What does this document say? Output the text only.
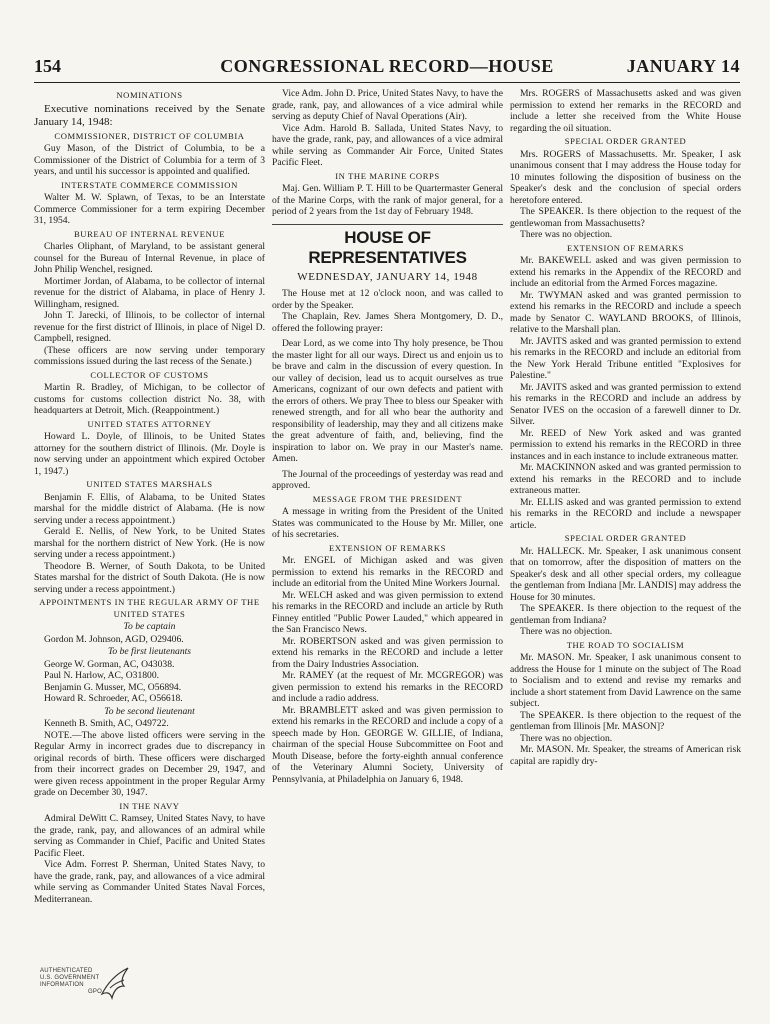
154	CONGRESSIONAL RECORD—HOUSE	JANUARY 14

NOMINATIONS

Executive nominations received by the Senate January 14, 1948:

COMMISSIONER, DISTRICT OF COLUMBIA

Guy Mason, of the District of Columbia, to be a Commissioner of the District of Columbia for a term of 3 years, and until his successor is appointed and qualified.

INTERSTATE COMMERCE COMMISSION

Walter M. W. Splawn, of Texas, to be an Interstate Commerce Commissioner for a term expiring December 31, 1954.

BUREAU OF INTERNAL REVENUE

Charles Oliphant, of Maryland, to be assistant general counsel for the Bureau of Internal Revenue, in place of John Philip Wenchel, resigned.

Mortimer Jordan, of Alabama, to be collector of internal revenue for the district of Alabama, in place of Henry J. Willingham, resigned.

John T. Jarecki, of Illinois, to be collector of internal revenue for the first district of Illinois, in place of Nigel D. Campbell, resigned.

(These officers are now serving under temporary commissions issued during the last recess of the Senate.)

COLLECTOR OF CUSTOMS

Martin R. Bradley, of Michigan, to be collector of customs for customs collection district No. 38, with headquarters at Detroit, Mich. (Reappointment.)

UNITED STATES ATTORNEY

Howard L. Doyle, of Illinois, to be United States attorney for the southern district of Illinois. (Mr. Doyle is now serving under an appointment which expired October 1, 1947.)

UNITED STATES MARSHALS

Benjamin F. Ellis, of Alabama, to be United States marshal for the middle district of Alabama. (He is now serving under a recess appointment.)

Gerald E. Nellis, of New York, to be United States marshal for the northern district of New York. (He is now serving under a recess appointment.)

Theodore B. Werner, of South Dakota, to be United States marshal for the district of South Dakota. (He is now serving under a recess appointment.)

APPOINTMENTS IN THE REGULAR ARMY OF THE UNITED STATES

To be captain

Gordon M. Johnson, AGD, O29406.

To be first lieutenants

George W. Gorman, AC, O43038.

Paul N. Harlow, AC, O31800.

Benjamin G. Musser, MC, O56894.

Howard R. Schroeder, AC, O56618.

To be second lieutenant

Kenneth B. Smith, AC, O49722.

NOTE.—The above listed officers were serving in the Regular Army in incorrect grades due to discrepancy in original records of birth. These officers were discharged from their incorrect grades on December 29, 1947, and were given recess appointment in the proper Regular Army grade on December 30, 1947.

IN THE NAVY

Admiral DeWitt C. Ramsey, United States Navy, to have the grade, rank, pay, and allowances of an admiral while serving as Commander in Chief, Pacific and United States Pacific Fleet.

Vice Adm. Forrest P. Sherman, United States Navy, to have the grade, rank, pay, and allowances of a vice admiral while serving as Commander United States Naval Forces, Mediterranean.

Vice Adm. John D. Price, United States Navy, to have the grade, rank, pay, and allowances of a vice admiral while serving as deputy Chief of Naval Operations (Air).

Vice Adm. Harold B. Sallada, United States Navy, to have the grade, rank, pay, and allowances of a vice admiral while serving as Commander Air Force, United States Pacific Fleet.

IN THE MARINE CORPS

Maj. Gen. William P. T. Hill to be Quartermaster General of the Marine Corps, with the rank of major general, for a period of 2 years from the 1st day of February 1948.

HOUSE OF REPRESENTATIVES

WEDNESDAY, JANUARY 14, 1948

The House met at 12 o'clock noon, and was called to order by the Speaker.

The Chaplain, Rev. James Shera Montgomery, D. D., offered the following prayer:

Dear Lord, as we come into Thy holy presence, be Thou the master light for all our ways. Direct us and enjoin us to be brave and calm in the discussion of every question. In our valley of decision, lead us to acquit ourselves as true Americans, cognizant of our own defects and patient with the errors of others. We pray Thee to bless our Speaker with renewed strength, and for all who bear the authority and responsibility of leadership, may they and all citizens make the great adventure of faith, and, believing, find the inspiration to labor on. We pray in our Master's name. Amen.

The Journal of the proceedings of yesterday was read and approved.

MESSAGE FROM THE PRESIDENT

A message in writing from the President of the United States was communicated to the House by Mr. Miller, one of his secretaries.

EXTENSION OF REMARKS

Mr. ENGEL of Michigan asked and was given permission to extend his remarks in the RECORD and include an editorial from the United Mine Workers Journal.

Mr. WELCH asked and was given permission to extend his remarks in the RECORD and include an article by Ruth Finney entitled "Public Power Lauded," which appeared in the San Francisco News.

Mr. ROBERTSON asked and was given permission to extend his remarks in the RECORD and include a letter from the Dairy Industries Association.

Mr. RAMEY (at the request of Mr. MCGREGOR) was given permission to extend his remarks in the RECORD and include a radio address.

Mr. BRAMBLETT asked and was given permission to extend his remarks in the RECORD and include a copy of a speech made by Hon. GEORGE W. GILLIE, of Indiana, chairman of the special House Subcommittee on Foot and Mouth Disease, before the forty-eighth annual conference of the Veterinary Alumni Society, University of Pennsylvania, at Philadelphia on January 6, 1948.

Mrs. ROGERS of Massachusetts asked and was given permission to extend her remarks in the RECORD and include a letter she received from the White House regarding the oil situation.

SPECIAL ORDER GRANTED

Mrs. ROGERS of Massachusetts. Mr. Speaker, I ask unanimous consent that I may address the House today for 10 minutes following the disposition of business on the Speaker's desk and the conclusion of special orders heretofore entered.

The SPEAKER. Is there objection to the request of the gentlewoman from Massachusetts?

There was no objection.

EXTENSION OF REMARKS

Mr. BAKEWELL asked and was given permission to extend his remarks in the Appendix of the RECORD and include an editorial from the Armed Forces magazine.

Mr. TWYMAN asked and was granted permission to extend his remarks in the RECORD and include a speech made by Senator C. WAYLAND BROOKS, of Illinois, relative to the Marshall plan.

Mr. JAVITS asked and was granted permission to extend his remarks in the RECORD and include an editorial from the New York Herald Tribune entitled "Explosives for Palestine."

Mr. JAVITS asked and was granted permission to extend his remarks in the RECORD and include an address by Senator IVES on the occasion of a farewell dinner to Dr. Silver.

Mr. REED of New York asked and was granted permission to extend his remarks in the RECORD in three instances and in each instance to include extraneous matter.

Mr. MACKINNON asked and was granted permission to extend his remarks in the RECORD and to include extraneous matter.

Mr. ELLIS asked and was granted permission to extend his remarks in the RECORD and include a newspaper article.

SPECIAL ORDER GRANTED

Mr. HALLECK. Mr. Speaker, I ask unanimous consent that on tomorrow, after the disposition of matters on the Speaker's desk and all other special orders, my colleague the gentleman from Indiana [Mr. LANDIS] may address the House for 30 minutes.

The SPEAKER. Is there objection to the request of the gentleman from Indiana?

There was no objection.

THE ROAD TO SOCIALISM

Mr. MASON. Mr. Speaker, I ask unanimous consent to address the House for 1 minute on the subject of The Road to Socialism and to extend and revise my remarks and include a short statement from David Lawrence on the same subject.

The SPEAKER. Is there objection to the request of the gentleman from Illinois [Mr. MASON]?

There was no objection.

Mr. MASON. Mr. Speaker, the streams of American risk capital are rapidly dry-

AUTHENTICATED
U.S. GOVERNMENT
INFORMATION
GPO
